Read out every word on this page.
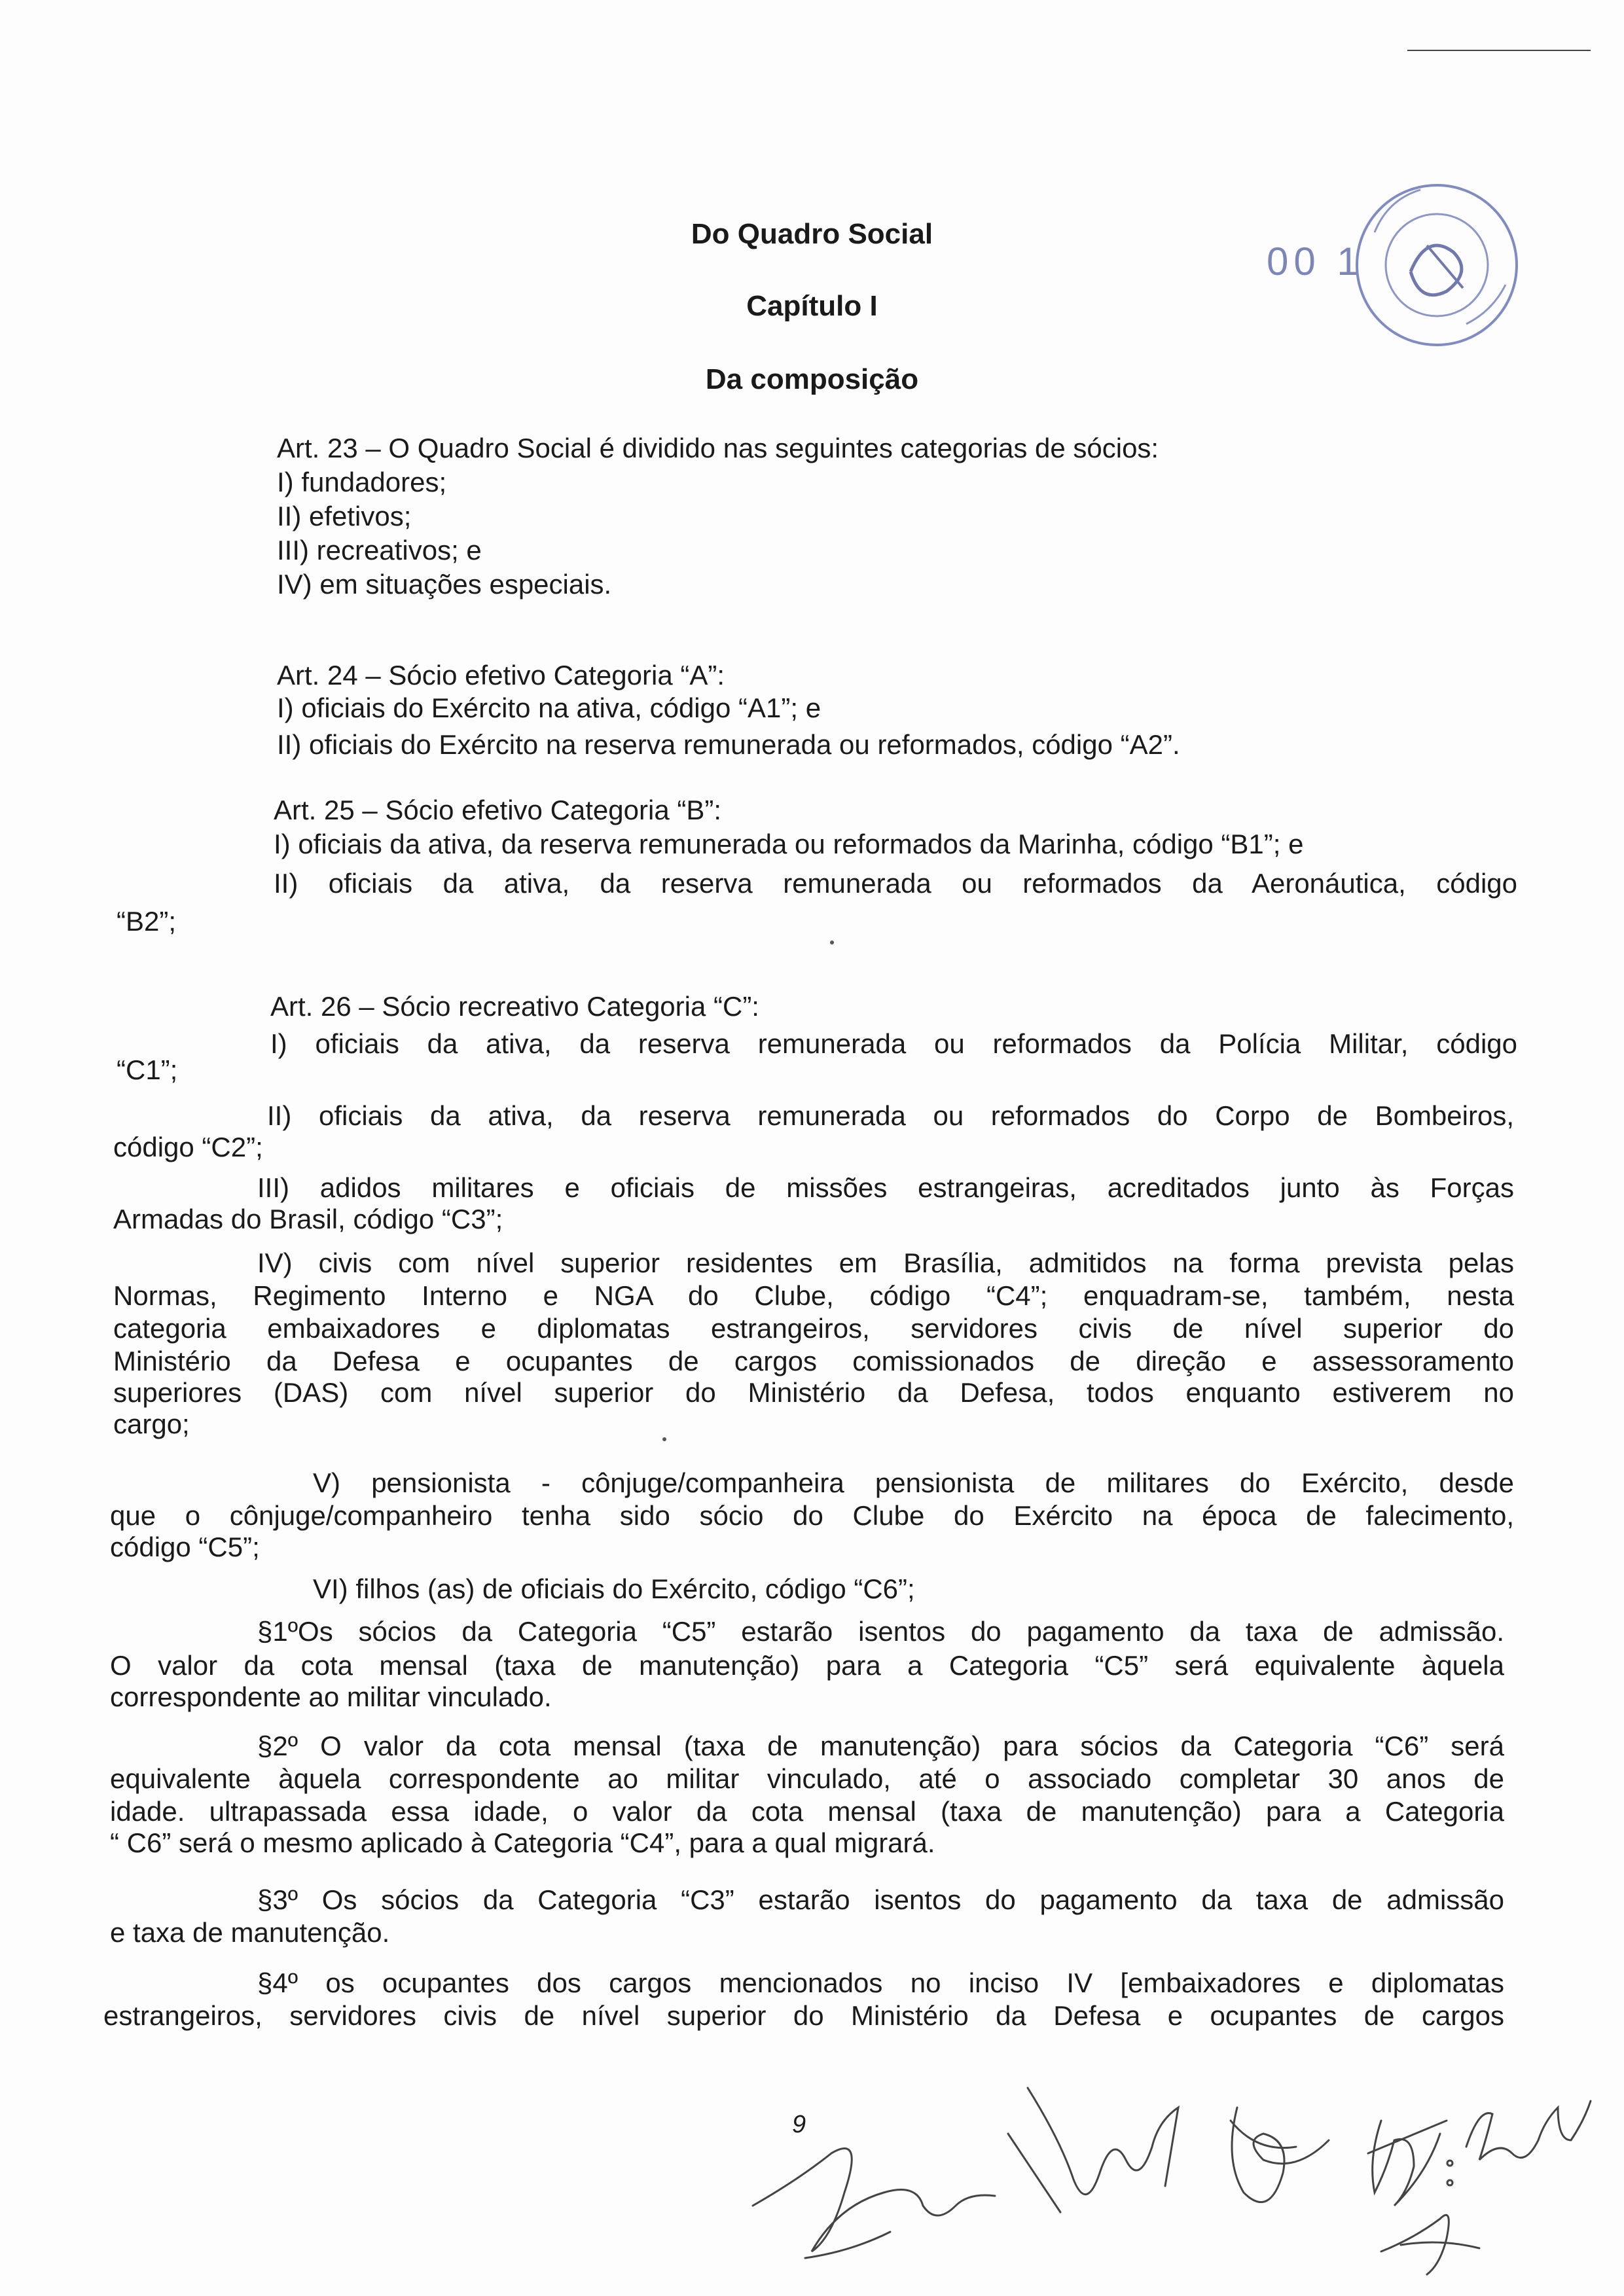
00 1
Do Quadro Social
Capítulo I
Da composição
Art. 23 – O Quadro Social é dividido nas seguintes categorias de sócios:
I) fundadores;
II) efetivos;
III) recreativos; e
IV) em situações especiais.
Art. 24 – Sócio efetivo Categoria “A”:
I) oficiais do Exército na ativa, código “A1”; e
II) oficiais do Exército na reserva remunerada ou reformados, código “A2”.
Art. 25 – Sócio efetivo Categoria “B”:
I) oficiais da ativa, da reserva remunerada ou reformados da Marinha, código “B1”; e
II) oficiais da ativa, da reserva remunerada ou reformados da Aeronáutica, código
“B2”;
Art. 26 – Sócio recreativo Categoria “C”:
I) oficiais da ativa, da reserva remunerada ou reformados da Polícia Militar, código
“C1”;
II) oficiais da ativa, da reserva remunerada ou reformados do Corpo de Bombeiros,
código “C2”;
III) adidos militares e oficiais de missões estrangeiras, acreditados junto às Forças
Armadas do Brasil, código “C3”;
IV) civis com nível superior residentes em Brasília, admitidos na forma prevista pelas
Normas, Regimento Interno e NGA do Clube, código “C4”; enquadram-se, também, nesta
categoria embaixadores e diplomatas estrangeiros, servidores civis de nível superior do
Ministério da Defesa e ocupantes de cargos comissionados de direção e assessoramento
superiores (DAS) com nível superior do Ministério da Defesa, todos enquanto estiverem no
cargo;
V) pensionista - cônjuge/companheira pensionista de militares do Exército, desde
que o cônjuge/companheiro tenha sido sócio do Clube do Exército na época de falecimento,
código “C5”;
VI) filhos (as) de oficiais do Exército, código “C6”;
§1ºOs sócios da Categoria “C5” estarão isentos do pagamento da taxa de admissão.
O valor da cota mensal (taxa de manutenção) para a Categoria “C5” será equivalente àquela
correspondente ao militar vinculado.
§2º O valor da cota mensal (taxa de manutenção) para sócios da Categoria “C6” será
equivalente àquela correspondente ao militar vinculado, até o associado completar 30 anos de
idade. ultrapassada essa idade, o valor da cota mensal (taxa de manutenção) para a Categoria
“ C6” será o mesmo aplicado à Categoria “C4”, para a qual migrará.
§3º Os sócios da Categoria “C3” estarão isentos do pagamento da taxa de admissão
e taxa de manutenção.
§4º os ocupantes dos cargos mencionados no inciso IV [embaixadores e diplomatas
estrangeiros, servidores civis de nível superior do Ministério da Defesa e ocupantes de cargos
9
